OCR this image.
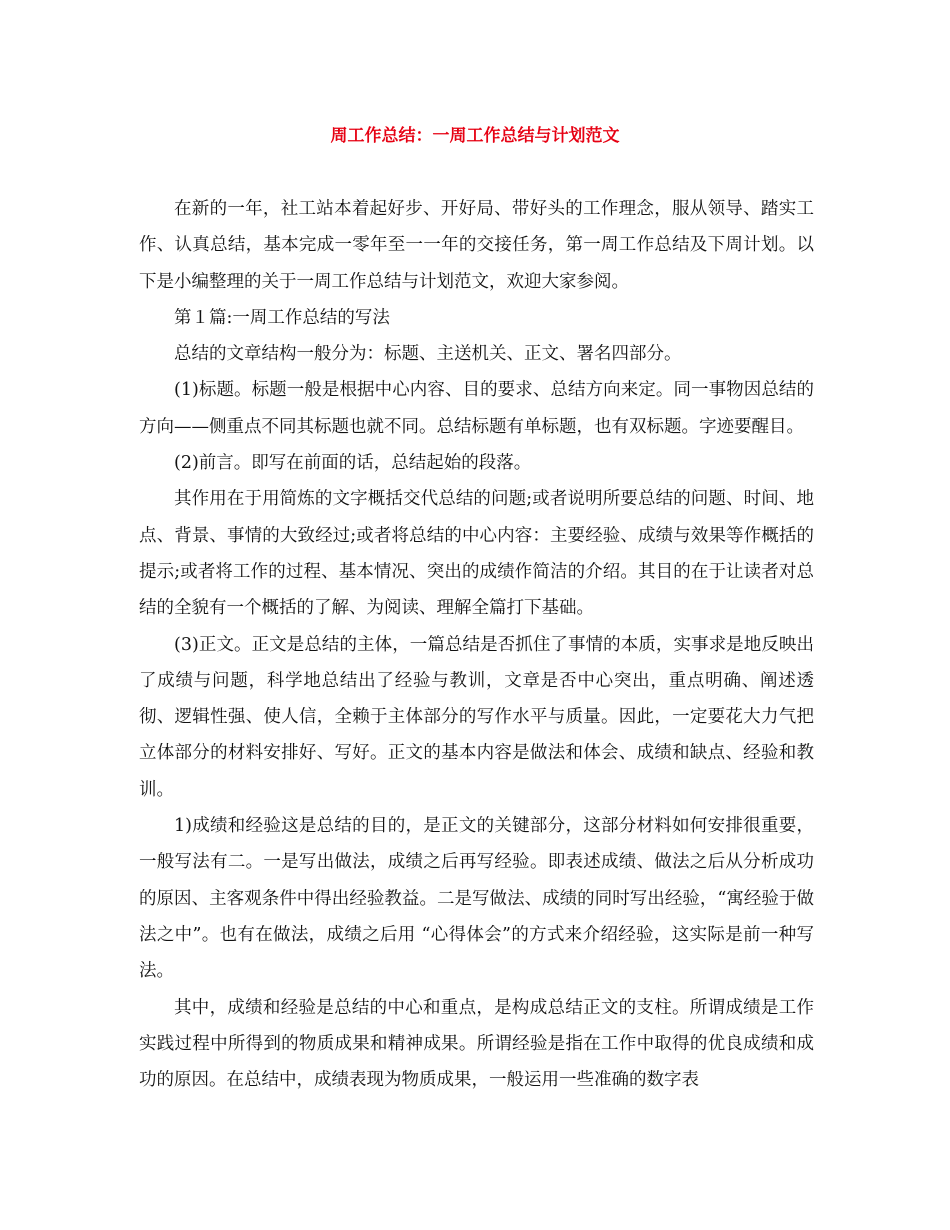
周工作总结：一周工作总结与计划范文

在新的一年，社工站本着起好步、开好局、带好头的工作理念，服从领导、踏实工作、认真总结，基本完成一零年至一一年的交接任务，第一周工作总结及下周计划。以下是小编整理的关于一周工作总结与计划范文，欢迎大家参阅。

第１篇:一周工作总结的写法

总结的文章结构一般分为：标题、主送机关、正文、署名四部分。

(1)标题。标题一般是根据中心内容、目的要求、总结方向来定。同一事物因总结的方向——侧重点不同其标题也就不同。总结标题有单标题，也有双标题。字迹要醒目。

(2)前言。即写在前面的话，总结起始的段落。

其作用在于用简炼的文字概括交代总结的问题;或者说明所要总结的问题、时间、地点、背景、事情的大致经过;或者将总结的中心内容：主要经验、成绩与效果等作概括的提示;或者将工作的过程、基本情况、突出的成绩作简洁的介绍。其目的在于让读者对总结的全貌有一个概括的了解、为阅读、理解全篇打下基础。

(3)正文。正文是总结的主体，一篇总结是否抓住了事情的本质，实事求是地反映出了成绩与问题，科学地总结出了经验与教训，文章是否中心突出，重点明确、阐述透彻、逻辑性强、使人信，全赖于主体部分的写作水平与质量。因此，一定要花大力气把立体部分的材料安排好、写好。正文的基本内容是做法和体会、成绩和缺点、经验和教训。

1)成绩和经验这是总结的目的，是正文的关键部分，这部分材料如何安排很重要，一般写法有二。一是写出做法，成绩之后再写经验。即表述成绩、做法之后从分析成功的原因、主客观条件中得出经验教益。二是写做法、成绩的同时写出经验，“寓经验于做法之中”。也有在做法，成绩之后用 “心得体会”的方式来介绍经验，这实际是前一种写法。

其中，成绩和经验是总结的中心和重点，是构成总结正文的支柱。所谓成绩是工作实践过程中所得到的物质成果和精神成果。所谓经验是指在工作中取得的优良成绩和成功的原因。在总结中，成绩表现为物质成果，一般运用一些准确的数字表
